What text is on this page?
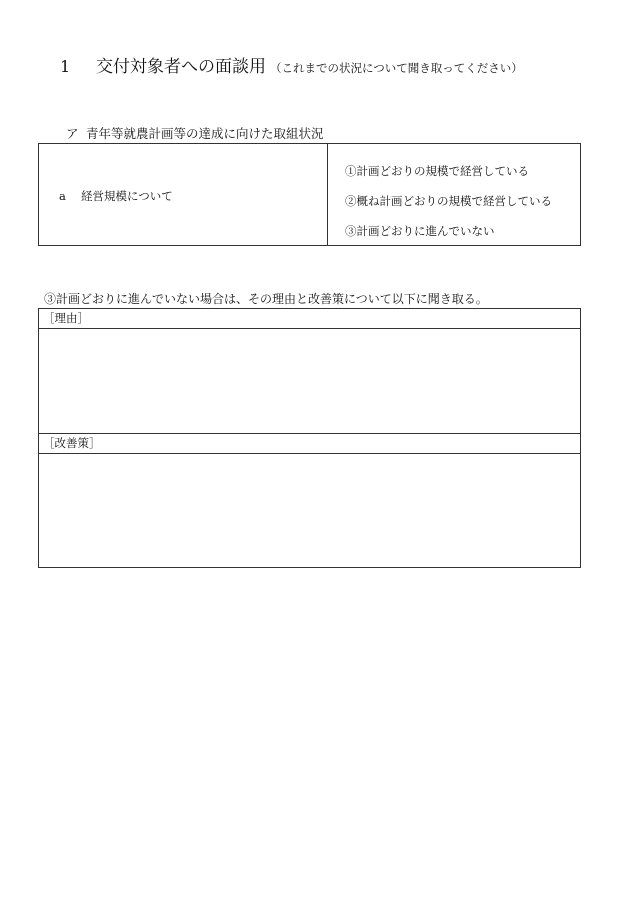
1 交付対象者への面談用 （これまでの状況について聞き取ってください）
ア 青年等就農計画等の達成に向けた取組状況
a 経営規模について
①計画どおりの規模で経営している
②概ね計画どおりの規模で経営している
③計画どおりに進んでいない
③計画どおりに進んでいない場合は、その理由と改善策について以下に聞き取る。
［理由］
［改善策］
